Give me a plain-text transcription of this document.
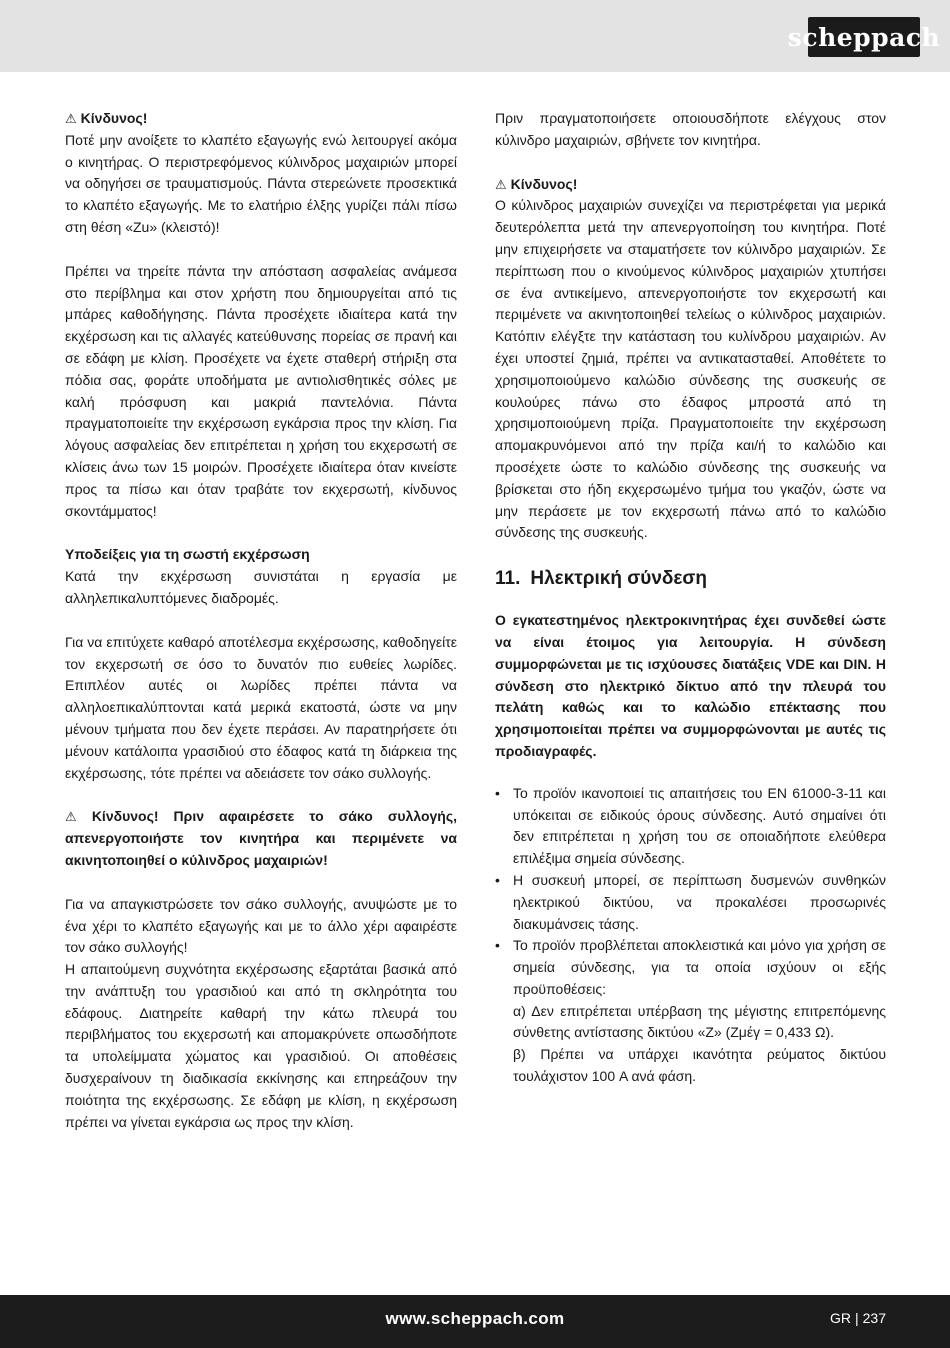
scheppach

⚠ Κίνδυνος!
Ποτέ μην ανοίξετε το κλαπέτο εξαγωγής ενώ λειτουργεί ακόμα ο κινητήρας. Ο περιστρεφόμενος κύλινδρος μαχαιριών μπορεί να οδηγήσει σε τραυματισμούς. Πάντα στερεώνετε προσεκτικά το κλαπέτο εξαγωγής. Με το ελατήριο έλξης γυρίζει πάλι πίσω στη θέση «Zu» (κλειστό)!

Πρέπει να τηρείτε πάντα την απόσταση ασφαλείας ανάμεσα στο περίβλημα και στον χρήστη που δημιουργείται από τις μπάρες καθοδήγησης. Πάντα προσέχετε ιδιαίτερα κατά την εκχέρσωση και τις αλλαγές κατεύθυνσης πορείας σε πρανή και σε εδάφη με κλίση. Προσέχετε να έχετε σταθερή στήριξη στα πόδια σας, φοράτε υποδήματα με αντιολισθητικές σόλες με καλή πρόσφυση και μακριά παντελόνια. Πάντα πραγματοποιείτε την εκχέρσωση εγκάρσια προς την κλίση. Για λόγους ασφαλείας δεν επιτρέπεται η χρήση του εκχερσωτή σε κλίσεις άνω των 15 μοιρών. Προσέχετε ιδιαίτερα όταν κινείστε προς τα πίσω και όταν τραβάτε τον εκχερσωτή, κίνδυνος σκοντάμματος!

Υποδείξεις για τη σωστή εκχέρσωση
Κατά την εκχέρσωση συνιστάται η εργασία με αλληλεπικαλυπτόμενες διαδρομές.

Για να επιτύχετε καθαρό αποτέλεσμα εκχέρσωσης, καθοδηγείτε τον εκχερσωτή σε όσο το δυνατόν πιο ευθείες λωρίδες. Επιπλέον αυτές οι λωρίδες πρέπει πάντα να αλληλοεπικαλύπτονται κατά μερικά εκατοστά, ώστε να μην μένουν τμήματα που δεν έχετε περάσει. Αν παρατηρήσετε ότι μένουν κατάλοιπα γρασιδιού στο έδαφος κατά τη διάρκεια της εκχέρσωσης, τότε πρέπει να αδειάσετε τον σάκο συλλογής.

⚠ Κίνδυνος! Πριν αφαιρέσετε το σάκο συλλογής, απενεργοποιήστε τον κινητήρα και περιμένετε να ακινητοποιηθεί ο κύλινδρος μαχαιριών!

Για να απαγκιστρώσετε τον σάκο συλλογής, ανυψώστε με το ένα χέρι το κλαπέτο εξαγωγής και με το άλλο χέρι αφαιρέστε τον σάκο συλλογής!

Η απαιτούμενη συχνότητα εκχέρσωσης εξαρτάται βασικά από την ανάπτυξη του γρασιδιού και από τη σκληρότητα του εδάφους. Διατηρείτε καθαρή την κάτω πλευρά του περιβλήματος του εκχερσωτή και απομακρύνετε οπωσδήποτε τα υπολείμματα χώματος και γρασιδιού. Οι αποθέσεις δυσχεραίνουν τη διαδικασία εκκίνησης και επηρεάζουν την ποιότητα της εκχέρσωσης. Σε εδάφη με κλίση, η εκχέρσωση πρέπει να γίνεται εγκάρσια ως προς την κλίση.

Πριν πραγματοποιήσετε οποιουσδήποτε ελέγχους στον κύλινδρο μαχαιριών, σβήνετε τον κινητήρα.

⚠ Κίνδυνος!
Ο κύλινδρος μαχαιριών συνεχίζει να περιστρέφεται για μερικά δευτερόλεπτα μετά την απενεργοποίηση του κινητήρα. Ποτέ μην επιχειρήσετε να σταματήσετε τον κύλινδρο μαχαιριών. Σε περίπτωση που ο κινούμενος κύλινδρος μαχαιριών χτυπήσει σε ένα αντικείμενο, απενεργοποιήστε τον εκχερσωτή και περιμένετε να ακινητοποιηθεί τελείως ο κύλινδρος μαχαιριών. Κατόπιν ελέγξτε την κατάσταση του κυλίνδρου μαχαιριών. Αν έχει υποστεί ζημιά, πρέπει να αντικατασταθεί. Αποθέτετε το χρησιμοποιούμενο καλώδιο σύνδεσης της συσκευής σε κουλούρες πάνω στο έδαφος μπροστά από τη χρησιμοποιούμενη πρίζα. Πραγματοποιείτε την εκχέρσωση απομακρυνόμενοι από την πρίζα και/ή το καλώδιο και προσέχετε ώστε το καλώδιο σύνδεσης της συσκευής να βρίσκεται στο ήδη εκχερσωμένο τμήμα του γκαζόν, ώστε να μην περάσετε με τον εκχερσωτή πάνω από το καλώδιο σύνδεσης της συσκευής.

11. Ηλεκτρική σύνδεση

Ο εγκατεστημένος ηλεκτροκινητήρας έχει συνδεθεί ώστε να είναι έτοιμος για λειτουργία. Η σύνδεση συμμορφώνεται με τις ισχύουσες διατάξεις VDE και DIN. Η σύνδεση στο ηλεκτρικό δίκτυο από την πλευρά του πελάτη καθώς και το καλώδιο επέκτασης που χρησιμοποιείται πρέπει να συμμορφώνονται με αυτές τις προδιαγραφές.

• Το προϊόν ικανοποιεί τις απαιτήσεις του EN 61000-3-11 και υπόκειται σε ειδικούς όρους σύνδεσης. Αυτό σημαίνει ότι δεν επιτρέπεται η χρήση του σε οποιαδήποτε ελεύθερα επιλέξιμα σημεία σύνδεσης.
• Η συσκευή μπορεί, σε περίπτωση δυσμενών συνθηκών ηλεκτρικού δικτύου, να προκαλέσει προσωρινές διακυμάνσεις τάσης.
• Το προϊόν προβλέπεται αποκλειστικά και μόνο για χρήση σε σημεία σύνδεσης, για τα οποία ισχύουν οι εξής προϋποθέσεις:
α) Δεν επιτρέπεται υπέρβαση της μέγιστης επιτρεπόμενης σύνθετης αντίστασης δικτύου «Z» (Zμέγ = 0,433 Ω).
β) Πρέπει να υπάρχει ικανότητα ρεύματος δικτύου τουλάχιστον 100 A ανά φάση.
www.scheppach.com	GR | 237
